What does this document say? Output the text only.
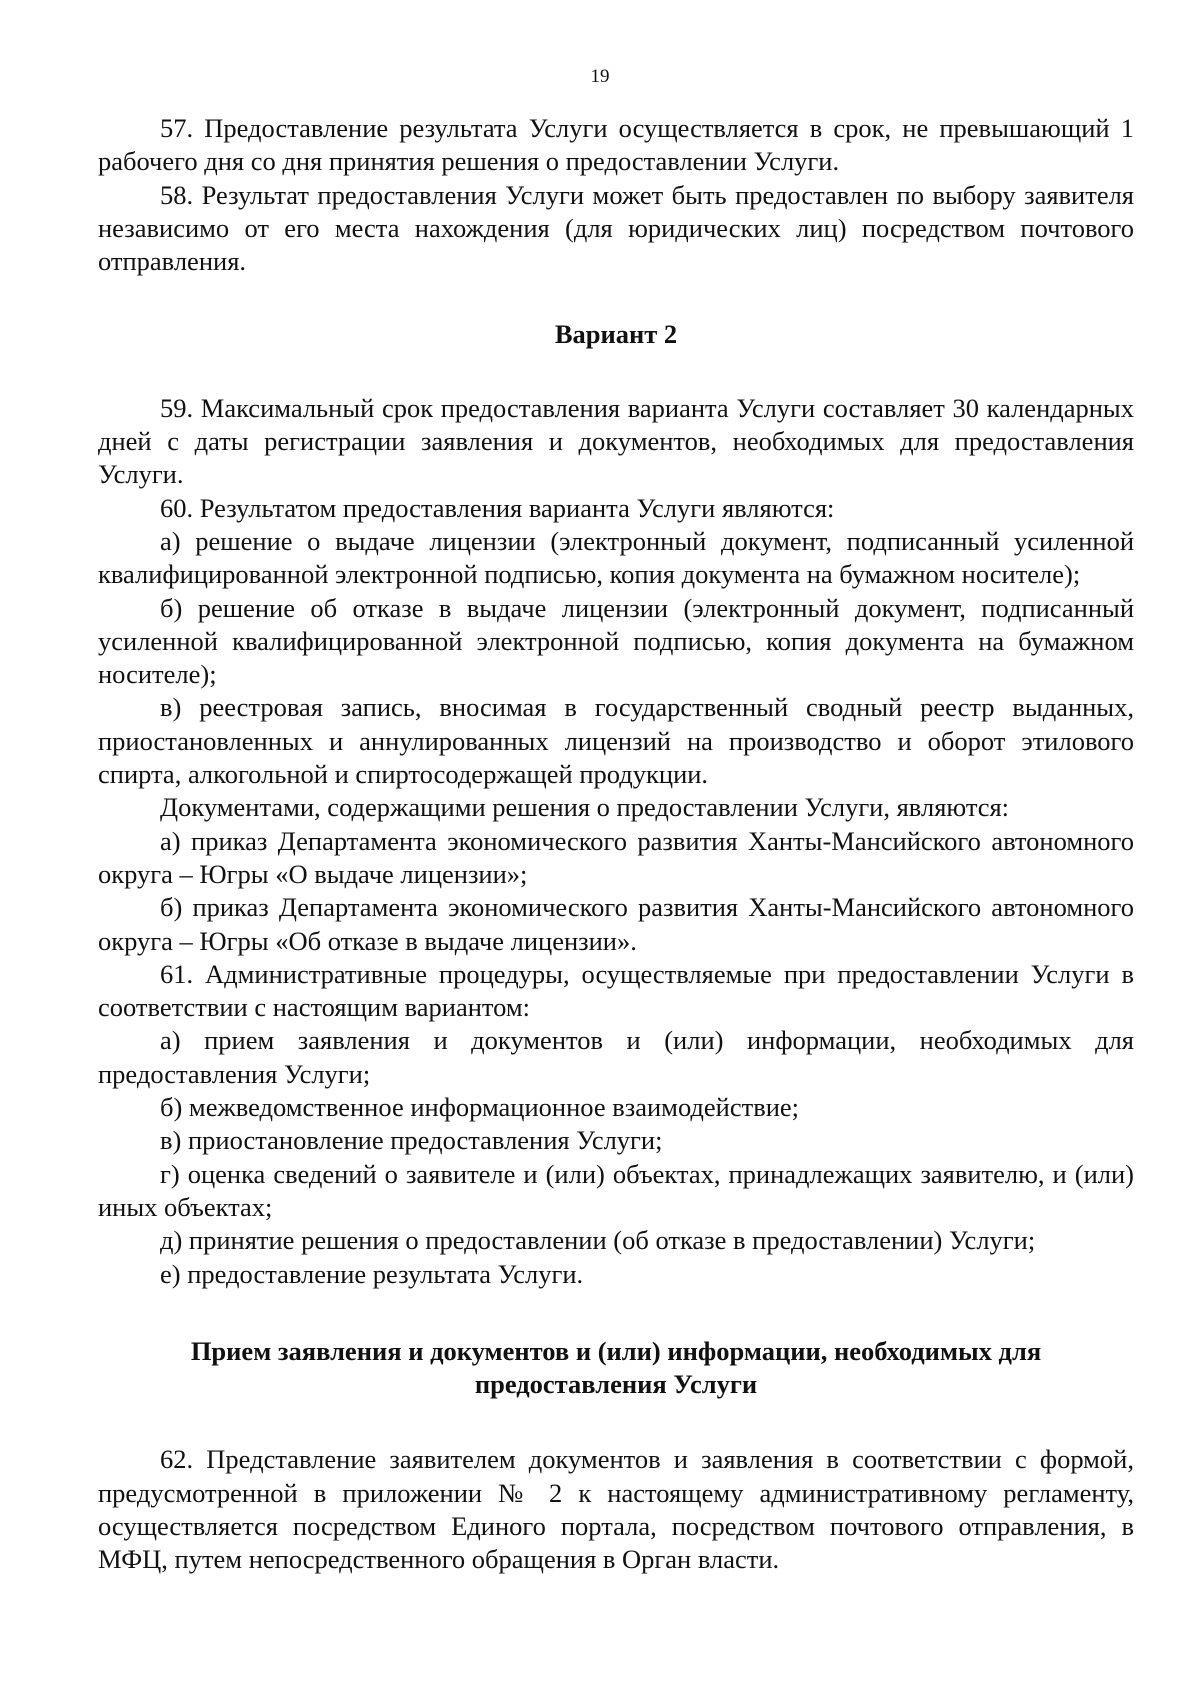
19

57. Предоставление результата Услуги осуществляется в срок, не превышающий 1 рабочего дня со дня принятия решения о предоставлении Услуги.

58. Результат предоставления Услуги может быть предоставлен по выбору заявителя независимо от его места нахождения (для юридических лиц) посредством почтового отправления.

Вариант 2

59. Максимальный срок предоставления варианта Услуги составляет 30 календарных дней с даты регистрации заявления и документов, необходимых для предоставления Услуги.

60. Результатом предоставления варианта Услуги являются:

а) решение о выдаче лицензии (электронный документ, подписанный усиленной квалифицированной электронной подписью, копия документа на бумажном носителе);

б) решение об отказе в выдаче лицензии (электронный документ, подписанный усиленной квалифицированной электронной подписью, копия документа на бумажном носителе);

в) реестровая запись, вносимая в государственный сводный реестр выданных, приостановленных и аннулированных лицензий на производство и оборот этилового спирта, алкогольной и спиртосодержащей продукции.

Документами, содержащими решения о предоставлении Услуги, являются:

а) приказ Департамента экономического развития Ханты-Мансийского автономного округа – Югры «О выдаче лицензии»;

б) приказ Департамента экономического развития Ханты-Мансийского автономного округа – Югры «Об отказе в выдаче лицензии».

61. Административные процедуры, осуществляемые при предоставлении Услуги в соответствии с настоящим вариантом:

а) прием заявления и документов и (или) информации, необходимых для предоставления Услуги;

б) межведомственное информационное взаимодействие;

в) приостановление предоставления Услуги;

г) оценка сведений о заявителе и (или) объектах, принадлежащих заявителю, и (или) иных объектах;

д) принятие решения о предоставлении (об отказе в предоставлении) Услуги;

е) предоставление результата Услуги.

Прием заявления и документов и (или) информации, необходимых для
предоставления Услуги

62. Представление заявителем документов и заявления в соответствии с формой, предусмотренной в приложении № 2 к настоящему административному регламенту, осуществляется посредством Единого портала, посредством почтового отправления, в МФЦ, путем непосредственного обращения в Орган власти.
